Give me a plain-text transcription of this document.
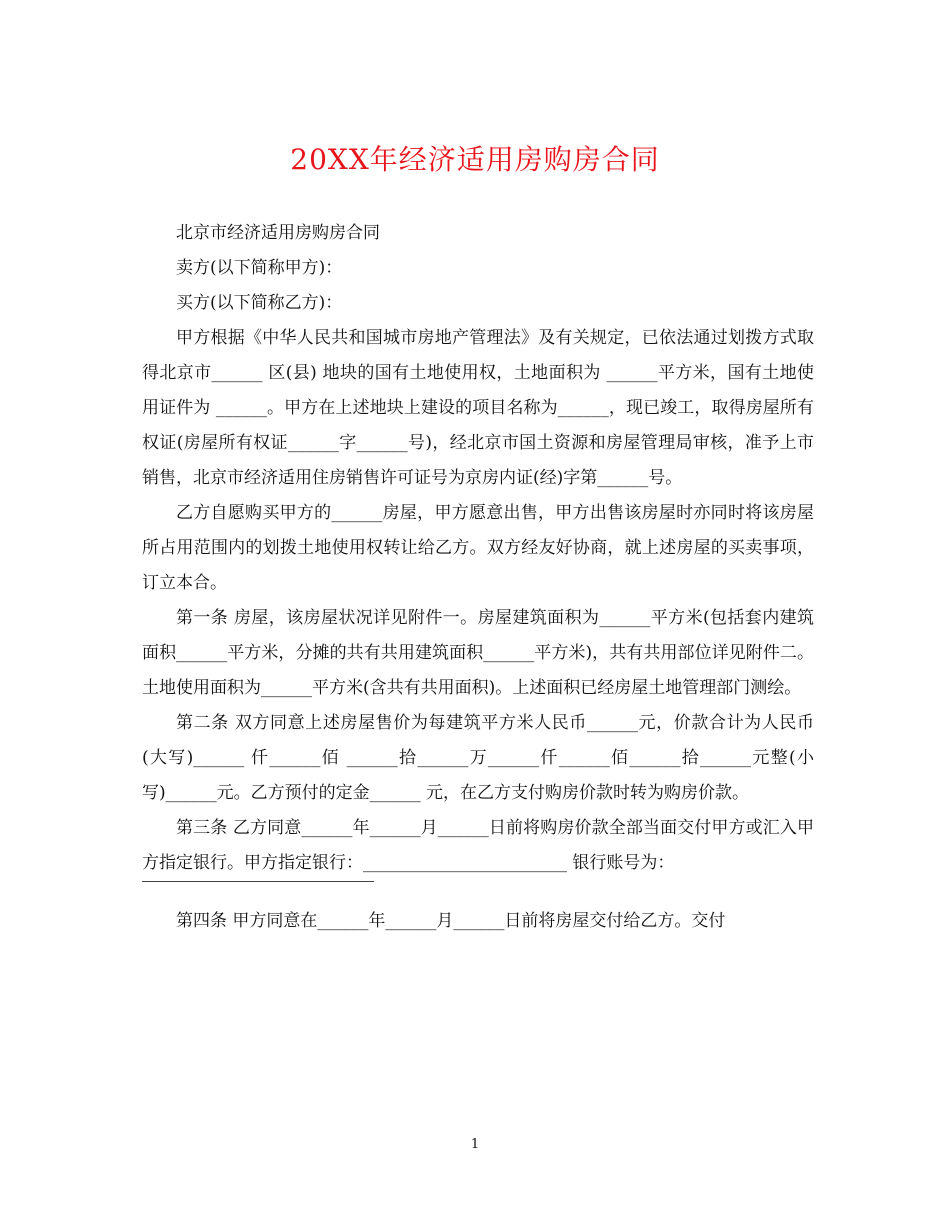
20XX年经济适用房购房合同

北京市经济适用房购房合同

卖方(以下简称甲方)：

买方(以下简称乙方)：

甲方根据《中华人民共和国城市房地产管理法》及有关规定，已依法通过划拨方式取得北京市______ 区(县) 地块的国有土地使用权，土地面积为 ______平方米，国有土地使用证件为 ______。甲方在上述地块上建设的项目名称为______，现已竣工，取得房屋所有权证(房屋所有权证______字______号)，经北京市国土资源和房屋管理局审核，准予上市销售，北京市经济适用住房销售许可证号为京房内证(经)字第______号。

乙方自愿购买甲方的______房屋，甲方愿意出售，甲方出售该房屋时亦同时将该房屋所占用范围内的划拨土地使用权转让给乙方。双方经友好协商，就上述房屋的买卖事项，订立本合。

第一条 房屋，该房屋状况详见附件一。房屋建筑面积为______平方米(包括套内建筑面积______平方米，分摊的共有共用建筑面积______平方米)，共有共用部位详见附件二。土地使用面积为______平方米(含共有共用面积)。上述面积已经房屋土地管理部门测绘。

第二条 双方同意上述房屋售价为每建筑平方米人民币______元，价款合计为人民币(大写)______ 仟______佰 ______拾______万______仟______佰______拾______元整(小写)______元。乙方预付的定金______ 元，在乙方支付购房价款时转为购房价款。

第三条 乙方同意______年______月______日前将购房价款全部当面交付甲方或汇入甲方指定银行。甲方指定银行：________________________ 银行账号为：

第四条 甲方同意在______年______月______日前将房屋交付给乙方。交付

1
